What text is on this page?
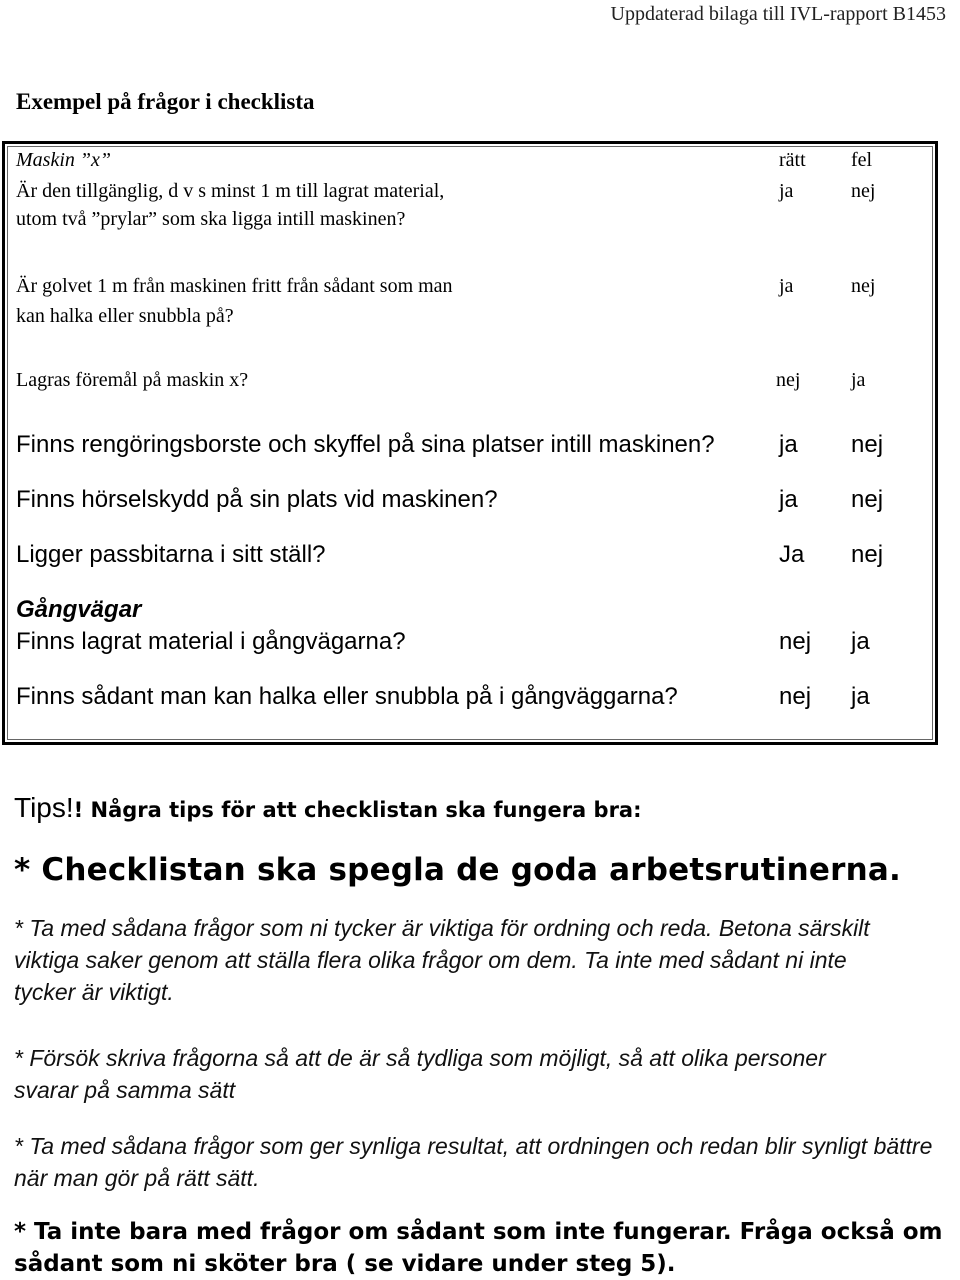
Uppdaterad bilaga till IVL-rapport B1453
Exempel på frågor i checklista
Maskin ”x”	rätt fel
Är den tillgänglig, d v s minst 1 m till lagrat material,
utom två ”prylar” som ska ligga intill maskinen?
ja	nej
Är golvet 1 m från maskinen fritt från sådant som man
kan halka eller snubbla på?
ja	nej
Lagras föremål på maskin x?	nej	ja
Finns rengöringsborste och skyffel på sina platser intill maskinen?	ja nej
Finns hörselskydd på sin plats vid maskinen?	ja nej
Ligger passbitarna i sitt ställ?	Ja nej
Gångvägar
Finns lagrat material i gångvägarna?	nej ja
Finns sådant man kan halka eller snubbla på i gångväggarna?	nej ja
Tips!! Några tips för att checklistan ska fungera bra:
* Checklistan ska spegla de goda arbetsrutinerna.
* Ta med sådana frågor som ni tycker är viktiga för ordning och reda. Betona särskilt viktiga saker genom att ställa flera olika frågor om dem. Ta inte med sådant ni inte tycker är viktigt.
* Försök skriva frågorna så att de är så tydliga som möjligt, så att olika personer svarar på samma sätt
* Ta med sådana frågor som ger synliga resultat, att ordningen och redan blir synligt bättre när man gör på rätt sätt.
* Ta inte bara med frågor om sådant som inte fungerar. Fråga också om sådant som ni sköter bra ( se vidare under steg 5).
